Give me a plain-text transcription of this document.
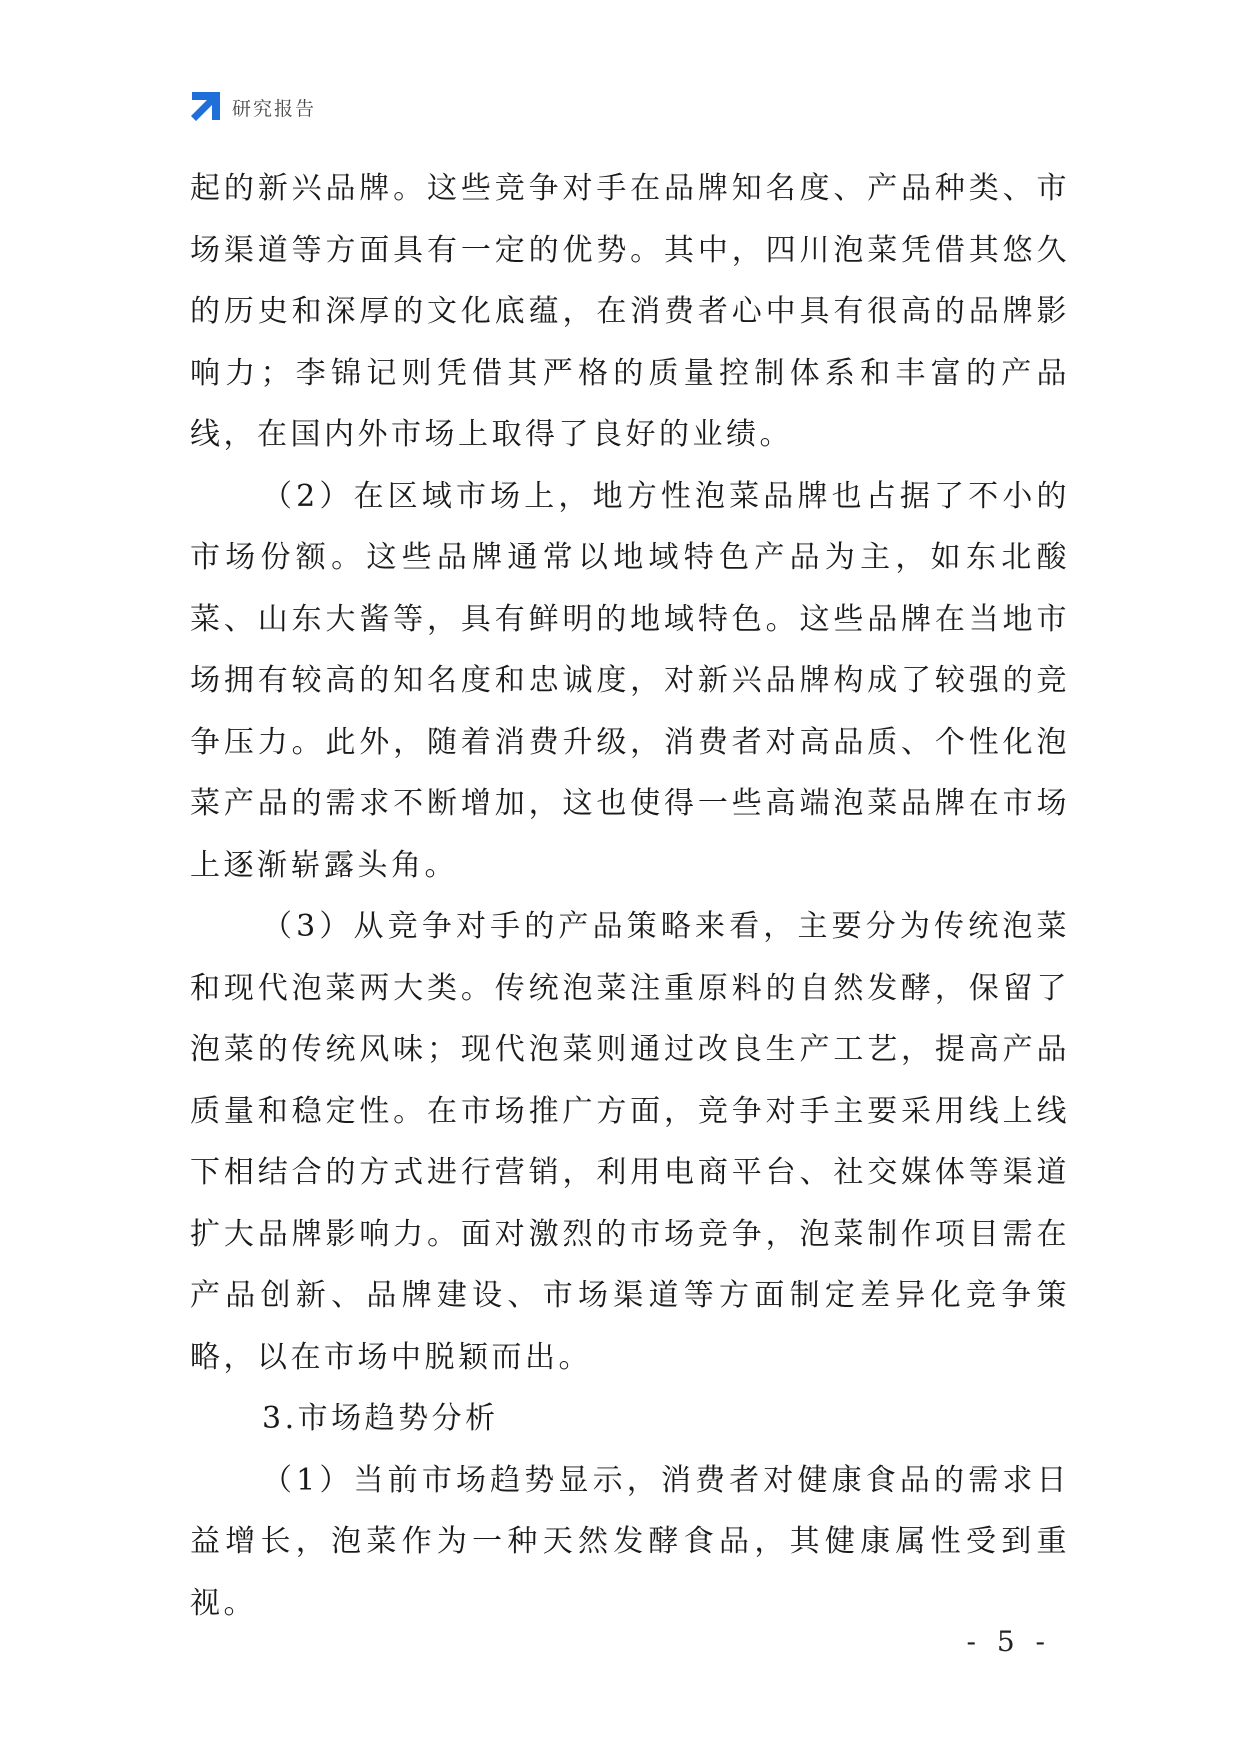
研究报告

起的新兴品牌。这些竞争对手在品牌知名度、产品种类、市场渠道等方面具有一定的优势。其中，四川泡菜凭借其悠久的历史和深厚的文化底蕴，在消费者心中具有很高的品牌影响力；李锦记则凭借其严格的质量控制体系和丰富的产品线，在国内外市场上取得了良好的业绩。

（2）在区域市场上，地方性泡菜品牌也占据了不小的市场份额。这些品牌通常以地域特色产品为主，如东北酸菜、山东大酱等，具有鲜明的地域特色。这些品牌在当地市场拥有较高的知名度和忠诚度，对新兴品牌构成了较强的竞争压力。此外，随着消费升级，消费者对高品质、个性化泡菜产品的需求不断增加，这也使得一些高端泡菜品牌在市场上逐渐崭露头角。

（3）从竞争对手的产品策略来看，主要分为传统泡菜和现代泡菜两大类。传统泡菜注重原料的自然发酵，保留了泡菜的传统风味；现代泡菜则通过改良生产工艺，提高产品质量和稳定性。在市场推广方面，竞争对手主要采用线上线下相结合的方式进行营销，利用电商平台、社交媒体等渠道扩大品牌影响力。面对激烈的市场竞争，泡菜制作项目需在产品创新、品牌建设、市场渠道等方面制定差异化竞争策略，以在市场中脱颖而出。

3.市场趋势分析

（1）当前市场趋势显示，消费者对健康食品的需求日益增长，泡菜作为一种天然发酵食品，其健康属性受到重视。

- 5 -
